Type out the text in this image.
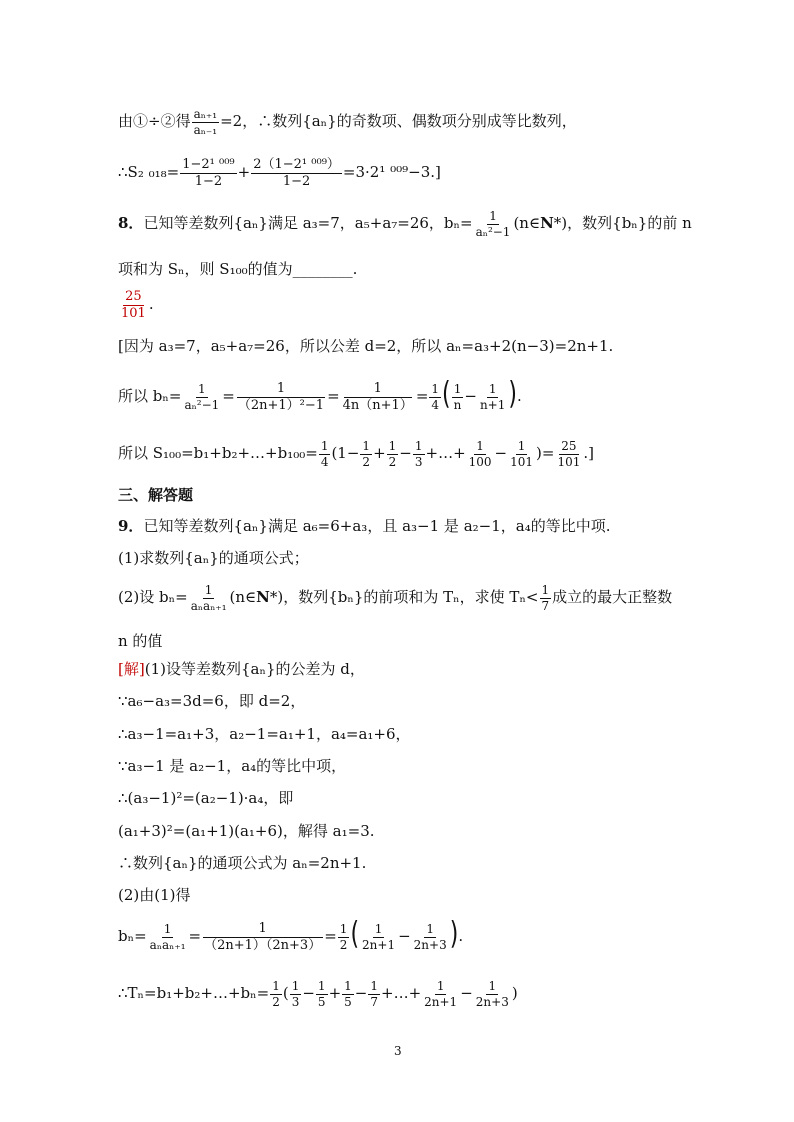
由①÷②得 $\frac{\text{aₙ₊₁}}{\text{aₙ₋₁}} =2$，∴数列{aₙ}的奇数项、偶数项分别成等比数列，
∴S₂ $_{018}= \frac{\text{1−2¹ ⁰⁰⁹}}{1-2} + \frac{\text{2（1−2¹ ⁰⁰⁹）}}{1-2} =3\cdot 2^1$ ⁰⁰⁹−3.]
8．已知等差数列{aₙ}满足 a₃=7，a₅+a₇=26，$b_n= \frac{1}{\text{aₙ²−1}}$ (n∈N*)，数列{bₙ}的前 n
项和为 Sₙ，则 S₁₀₀的值为________.
$\frac{25}{101}$ .
[因为 a₃=7，a₅+a₇=26，所以公差 d=2，所以 aₙ=a₃+2(n−3)=2n+1.
所以 $b_n= \frac{1}{\text{aₙ²−1}} = \frac{1}{\text{（2n+1）²−1}} = \frac{1}{4n(n+1)} = \frac{1}{4}$ ( $\frac{1}{n} - \frac{1}{n+1}$ ).
所以 S₁₀₀=b₁+b₂+…+b₁₀₀= $\frac{1}{4} (1- \frac{1}{2} + \frac{1}{2} - \frac{1}{3}$ +…+ $\frac{1}{100} - \frac{1}{101}$ )= $\frac{25}{101}$ .]
三、解答题
9．已知等差数列{aₙ}满足 a₆=6+a₃，且 a₃−1 是 a₂−1，a₄的等比中项.
(1)求数列{aₙ}的通项公式；
(2)设 $b_n= \frac{1}{\text{aₙaₙ₊₁}}$ (n∈N*)，数列{bₙ}的前项和为 Tₙ，求使 $T_n< \frac{1}{7}$ 成立的最大正整数
n 的值
[解](1)设等差数列{aₙ}的公差为 d，
∵a₆−a₃=3d=6，即 d=2，
∴a₃−1=a₁+3，a₂−1=a₁+1，a₄=a₁+6，
∵a₃−1 是 a₂−1，a₄的等比中项，
∴(a₃−1)²=(a₂−1)·a₄，即
(a₁+3)²=(a₁+1)(a₁+6)，解得 a₁=3.
∴数列{aₙ}的通项公式为 aₙ=2n+1.
(2)由(1)得
$b_n= \frac{1}{\text{aₙaₙ₊₁}} = \frac{1}{(2n+1)(2n+3)} = \frac{1}{2}$ ( $\frac{1}{2n+1} - \frac{1}{2n+3}$ ).
∴Tₙ=b₁+b₂+…+bₙ= $\frac{1}{2}$ ( $\frac{1}{3} - \frac{1}{5} + \frac{1}{5} - \frac{1}{7}$ +…+ $\frac{1}{2n+1} - \frac{1}{2n+3}$ )
3
